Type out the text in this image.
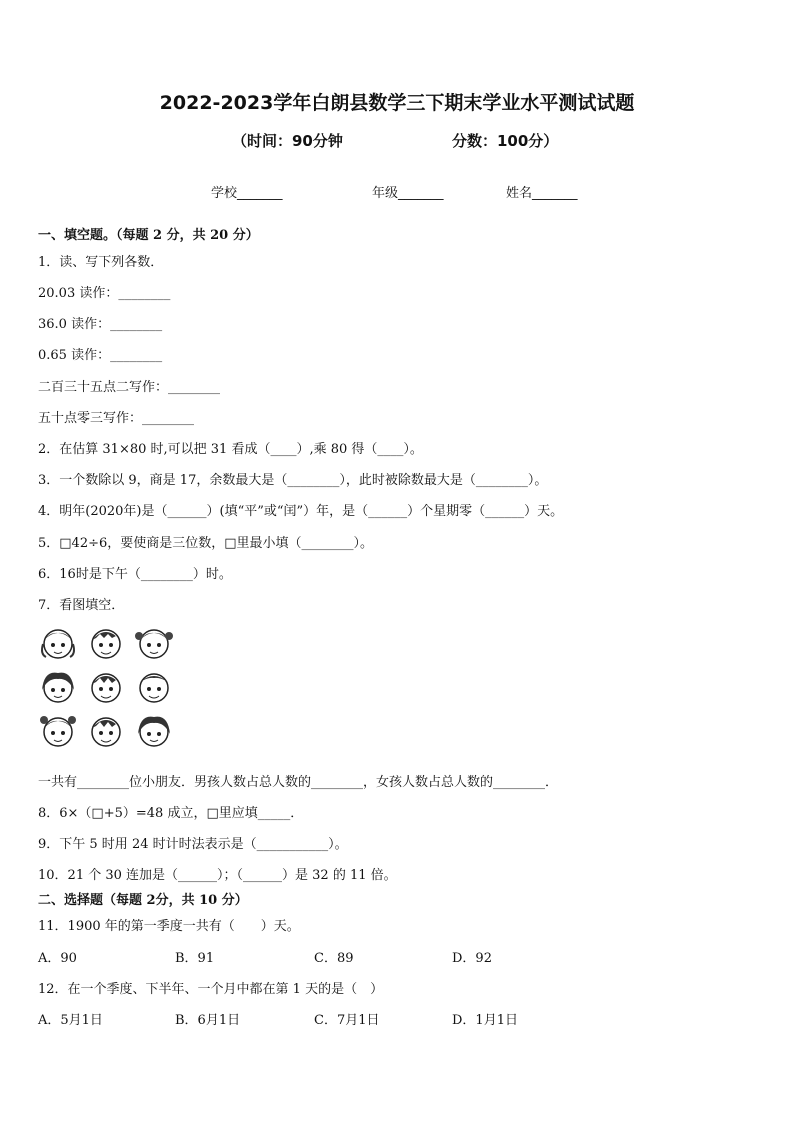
2022-2023学年白朗县数学三下期末学业水平测试试题
（时间：90分钟	分数：100分）
学校_______	年级_______	姓名_______
一、填空题。（每题 2 分，共 20 分）
1．读、写下列各数．
20.03 读作：________
36.0 读作：________
0.65 读作：________
二百三十五点二写作：________
五十点零三写作：________
2．在估算 31×80 时,可以把 31 看成（____）,乘 80 得（____）。
3．一个数除以 9，商是 17，余数最大是（________），此时被除数最大是（________）。
4．明年(2020年)是（______）(填“平”或“闰”）年，是（______）个星期零（______）天。
5．□42÷6，要使商是三位数，□里最小填（________）。
6．16时是下午（________）时。
7．看图填空．
一共有________位小朋友．男孩人数占总人数的________，女孩人数占总人数的________．
8．6×（□+5）=48 成立，□里应填_____．
9．下午 5 时用 24 时计时法表示是（___________）。
10．21 个 30 连加是（______）；（______）是 32 的 11 倍。
二、选择题（每题 2分，共 10 分）
11．1900 年的第一季度一共有（　　）天。
A．90	B．91	C．89	D．92
12．在一个季度、下半年、一个月中都在第 1 天的是（　）
A．5月1日	B．6月1日	C．7月1日	D．1月1日
